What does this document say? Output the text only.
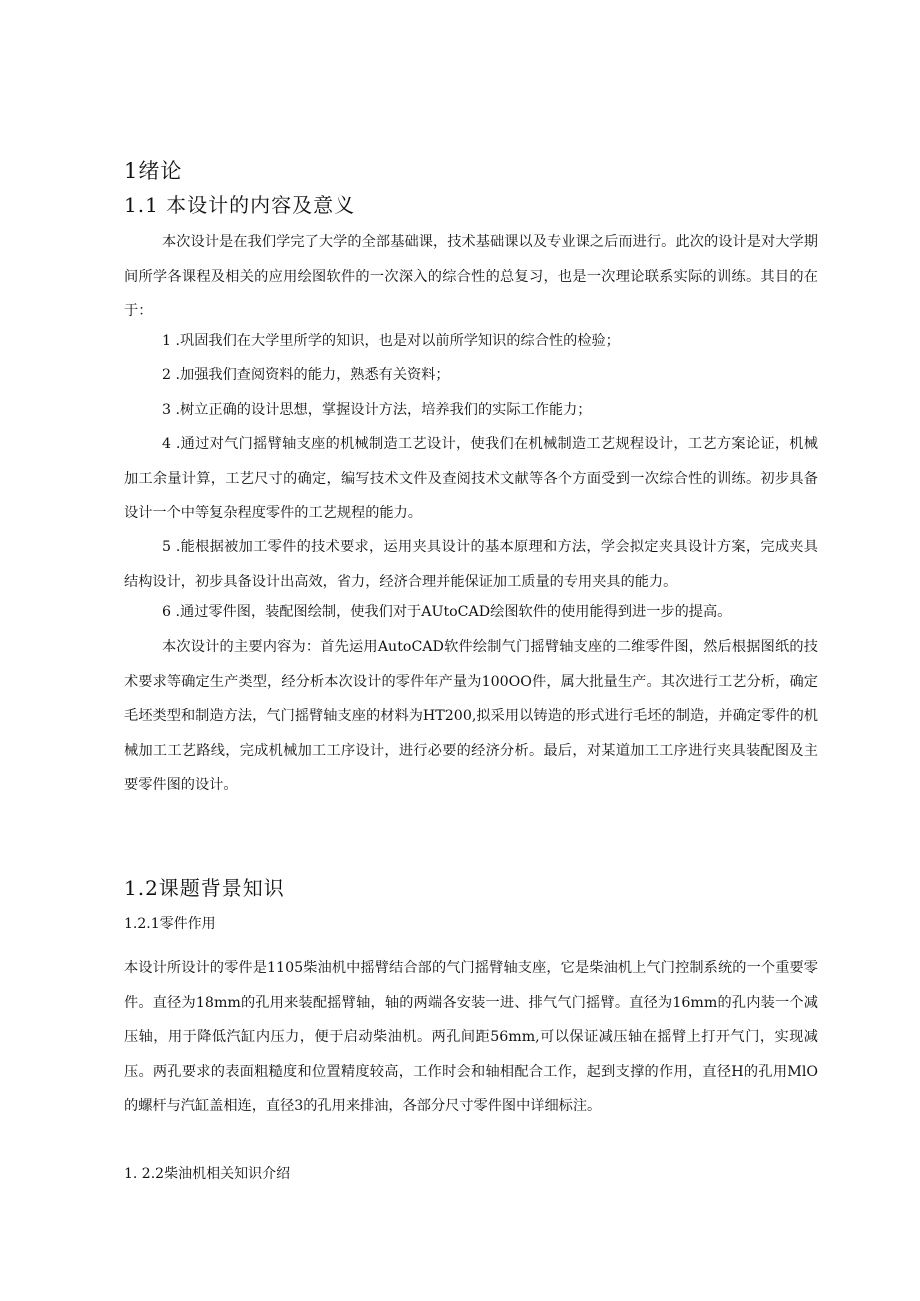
1绪论
1.1 本设计的内容及意义

本次设计是在我们学完了大学的全部基础课，技术基础课以及专业课之后而进行。此次的设计是对大学期间所学各课程及相关的应用绘图软件的一次深入的综合性的总复习，也是一次理论联系实际的训练。其目的在于：

1 .巩固我们在大学里所学的知识，也是对以前所学知识的综合性的检验；

2 .加强我们查阅资料的能力，熟悉有关资料；

3 .树立正确的设计思想，掌握设计方法，培养我们的实际工作能力；

4 .通过对气门摇臂轴支座的机械制造工艺设计，使我们在机械制造工艺规程设计，工艺方案论证，机械加工余量计算，工艺尺寸的确定，编写技术文件及查阅技术文献等各个方面受到一次综合性的训练。初步具备设计一个中等复杂程度零件的工艺规程的能力。

5 .能根据被加工零件的技术要求，运用夹具设计的基本原理和方法，学会拟定夹具设计方案，完成夹具结构设计，初步具备设计出高效，省力，经济合理并能保证加工质量的专用夹具的能力。

6 .通过零件图，装配图绘制，使我们对于AUtoCAD绘图软件的使用能得到进一步的提高。

本次设计的主要内容为：首先运用AutoCAD软件绘制气门摇臂轴支座的二维零件图，然后根据图纸的技术要求等确定生产类型，经分析本次设计的零件年产量为100OO件，属大批量生产。其次进行工艺分析，确定毛坯类型和制造方法，气门摇臂轴支座的材料为HT200,拟采用以铸造的形式进行毛坯的制造，并确定零件的机械加工工艺路线，完成机械加工工序设计，进行必要的经济分析。最后，对某道加工工序进行夹具装配图及主要零件图的设计。

1.2课题背景知识
1.2.1零件作用

本设计所设计的零件是1105柴油机中摇臂结合部的气门摇臂轴支座，它是柴油机上气门控制系统的一个重要零件。直径为18mm的孔用来装配摇臂轴，轴的两端各安装一进、排气气门摇臂。直径为16mm的孔内装一个减压轴，用于降低汽缸内压力，便于启动柴油机。两孔间距56mm,可以保证减压轴在摇臂上打开气门，实现减压。两孔要求的表面粗糙度和位置精度较高，工作时会和轴相配合工作，起到支撑的作用，直径H的孔用MlO的螺杆与汽缸盖相连，直径3的孔用来排油，各部分尺寸零件图中详细标注。

1. 2.2柴油机相关知识介绍
